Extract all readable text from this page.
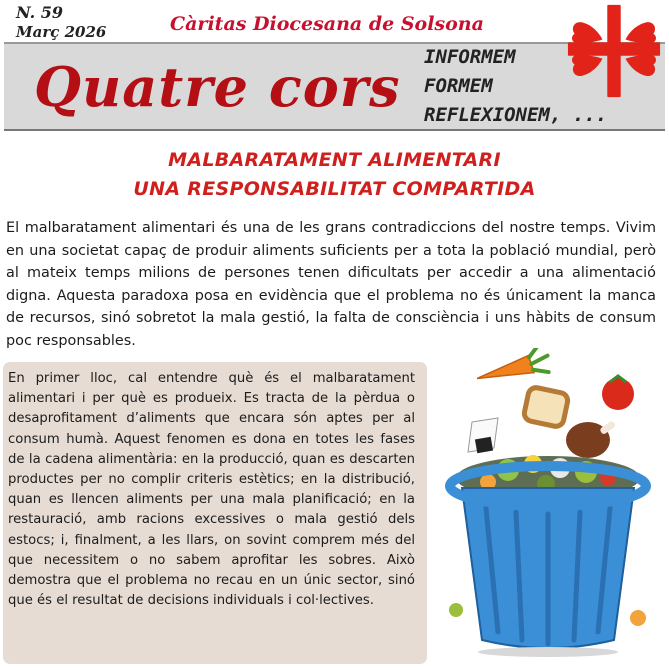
N. 59
Març 2026	Càritas Diocesana de Solsona
Quatre cors INFORMEM
FORMEM
REFLEXIONEM, ...
MALBARATAMENT ALIMENTARI
UNA RESPONSABILITAT COMPARTIDA

El malbaratament alimentari és una de les grans contradiccions del nostre temps. Vivim en una societat capaç de produir aliments suficients per a tota la població mundial, però al mateix temps milions de persones tenen dificultats per accedir a una alimentació digna. Aquesta paradoxa posa en evidència que el problema no és únicament la manca de recursos, sinó sobretot la mala gestió, la falta de consciència i uns hàbits de consum poc responsables.

En primer lloc, cal entendre què és el malbaratament alimentari i per què es produeix. Es tracta de la pèrdua o desaprofitament d’aliments que encara són aptes per al consum humà. Aquest fenomen es dona en totes les fases de la cadena alimentària: en la producció, quan es descarten productes per no complir criteris estètics; en la distribució, quan es llencen aliments per una mala planificació; en la restauració, amb racions excessives o mala gestió dels estocs; i, finalment, a les llars, on sovint comprem més del que necessitem o no sabem aprofitar les sobres. Això demostra que el problema no recau en un únic sector, sinó que és el resultat de decisions individuals i col·lectives.
